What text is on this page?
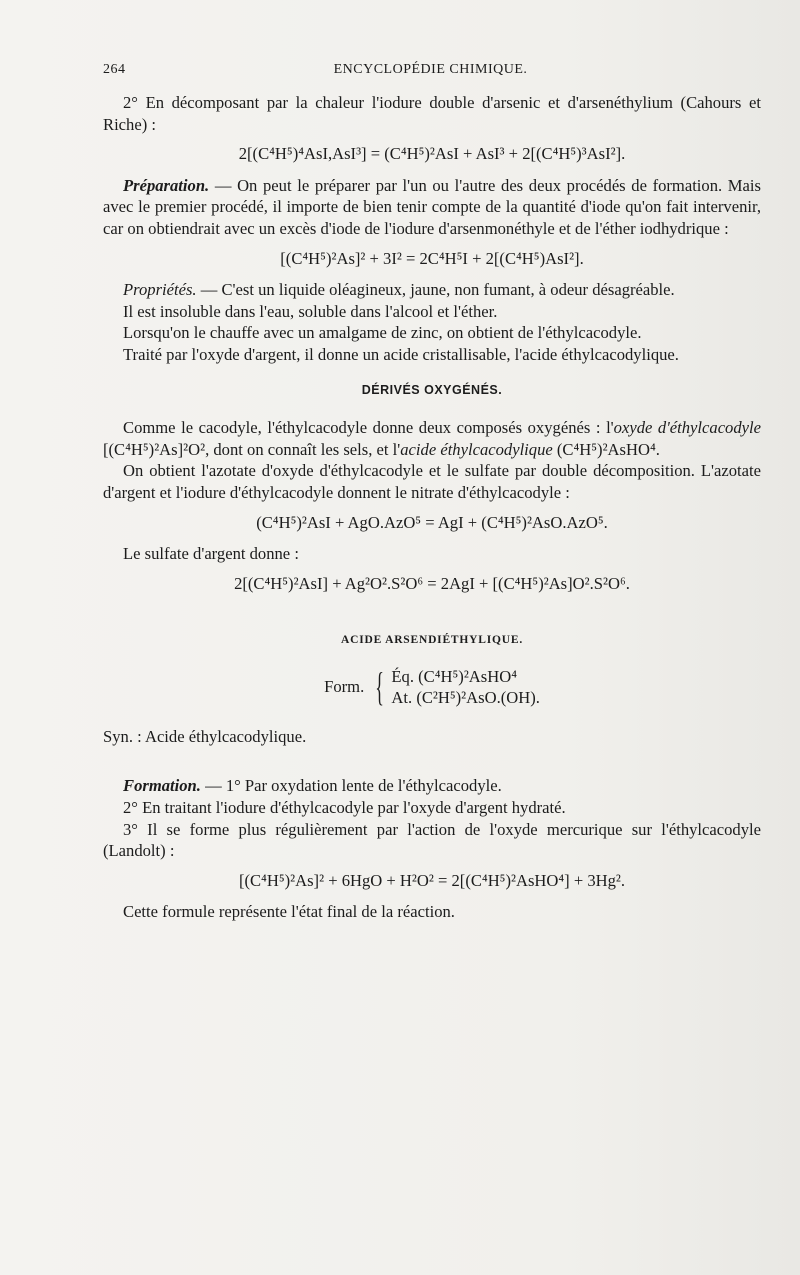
264	ENCYCLOPÉDIE CHIMIQUE.

2° En décomposant par la chaleur l'iodure double d'arsenic et d'arsenéthylium (Cahours et Riche) :

2[(C⁴H⁵)⁴AsI,AsI³] = (C⁴H⁵)²AsI + AsI³ + 2[(C⁴H⁵)³AsI²].

Préparation. — On peut le préparer par l'un ou l'autre des deux procédés de formation. Mais avec le premier procédé, il importe de bien tenir compte de la quantité d'iode qu'on fait intervenir, car on obtiendrait avec un excès d'iode de l'iodure d'arsenmonéthyle et de l'éther iodhydrique :

[(C⁴H⁵)²As]² + 3I² = 2C⁴H⁵I + 2[(C⁴H⁵)AsI²].

Propriétés. — C'est un liquide oléagineux, jaune, non fumant, à odeur désagréable.

Il est insoluble dans l'eau, soluble dans l'alcool et l'éther.

Lorsqu'on le chauffe avec un amalgame de zinc, on obtient de l'éthylcacodyle.

Traité par l'oxyde d'argent, il donne un acide cristallisable, l'acide éthylcacodylique.

DÉRIVÉS OXYGÉNÉS.

Comme le cacodyle, l'éthylcacodyle donne deux composés oxygénés : l'oxyde d'éthylcacodyle [(C⁴H⁵)²As]²O², dont on connaît les sels, et l'acide éthylcacodylique (C⁴H⁵)²AsHO⁴.

On obtient l'azotate d'oxyde d'éthylcacodyle et le sulfate par double décomposition. L'azotate d'argent et l'iodure d'éthylcacodyle donnent le nitrate d'éthylcacodyle :

(C⁴H⁵)²AsI + AgO.AzO⁵ = AgI + (C⁴H⁵)²AsO.AzO⁵.

Le sulfate d'argent donne :

2[(C⁴H⁵)²AsI] + Ag²O².S²O⁶ = 2AgI + [(C⁴H⁵)²As]O².S²O⁶.

ACIDE ARSENDIÉTHYLIQUE.

Form. { Éq. (C⁴H⁵)²AsHO⁴
At. (C²H⁵)²AsO.(OH).

Syn. : Acide éthylcacodylique.

Formation. — 1° Par oxydation lente de l'éthylcacodyle.

2° En traitant l'iodure d'éthylcacodyle par l'oxyde d'argent hydraté.

3° Il se forme plus régulièrement par l'action de l'oxyde mercurique sur l'éthylcacodyle (Landolt) :

[(C⁴H⁵)²As]² + 6HgO + H²O² = 2[(C⁴H⁵)²AsHO⁴] + 3Hg².

Cette formule représente l'état final de la réaction.
